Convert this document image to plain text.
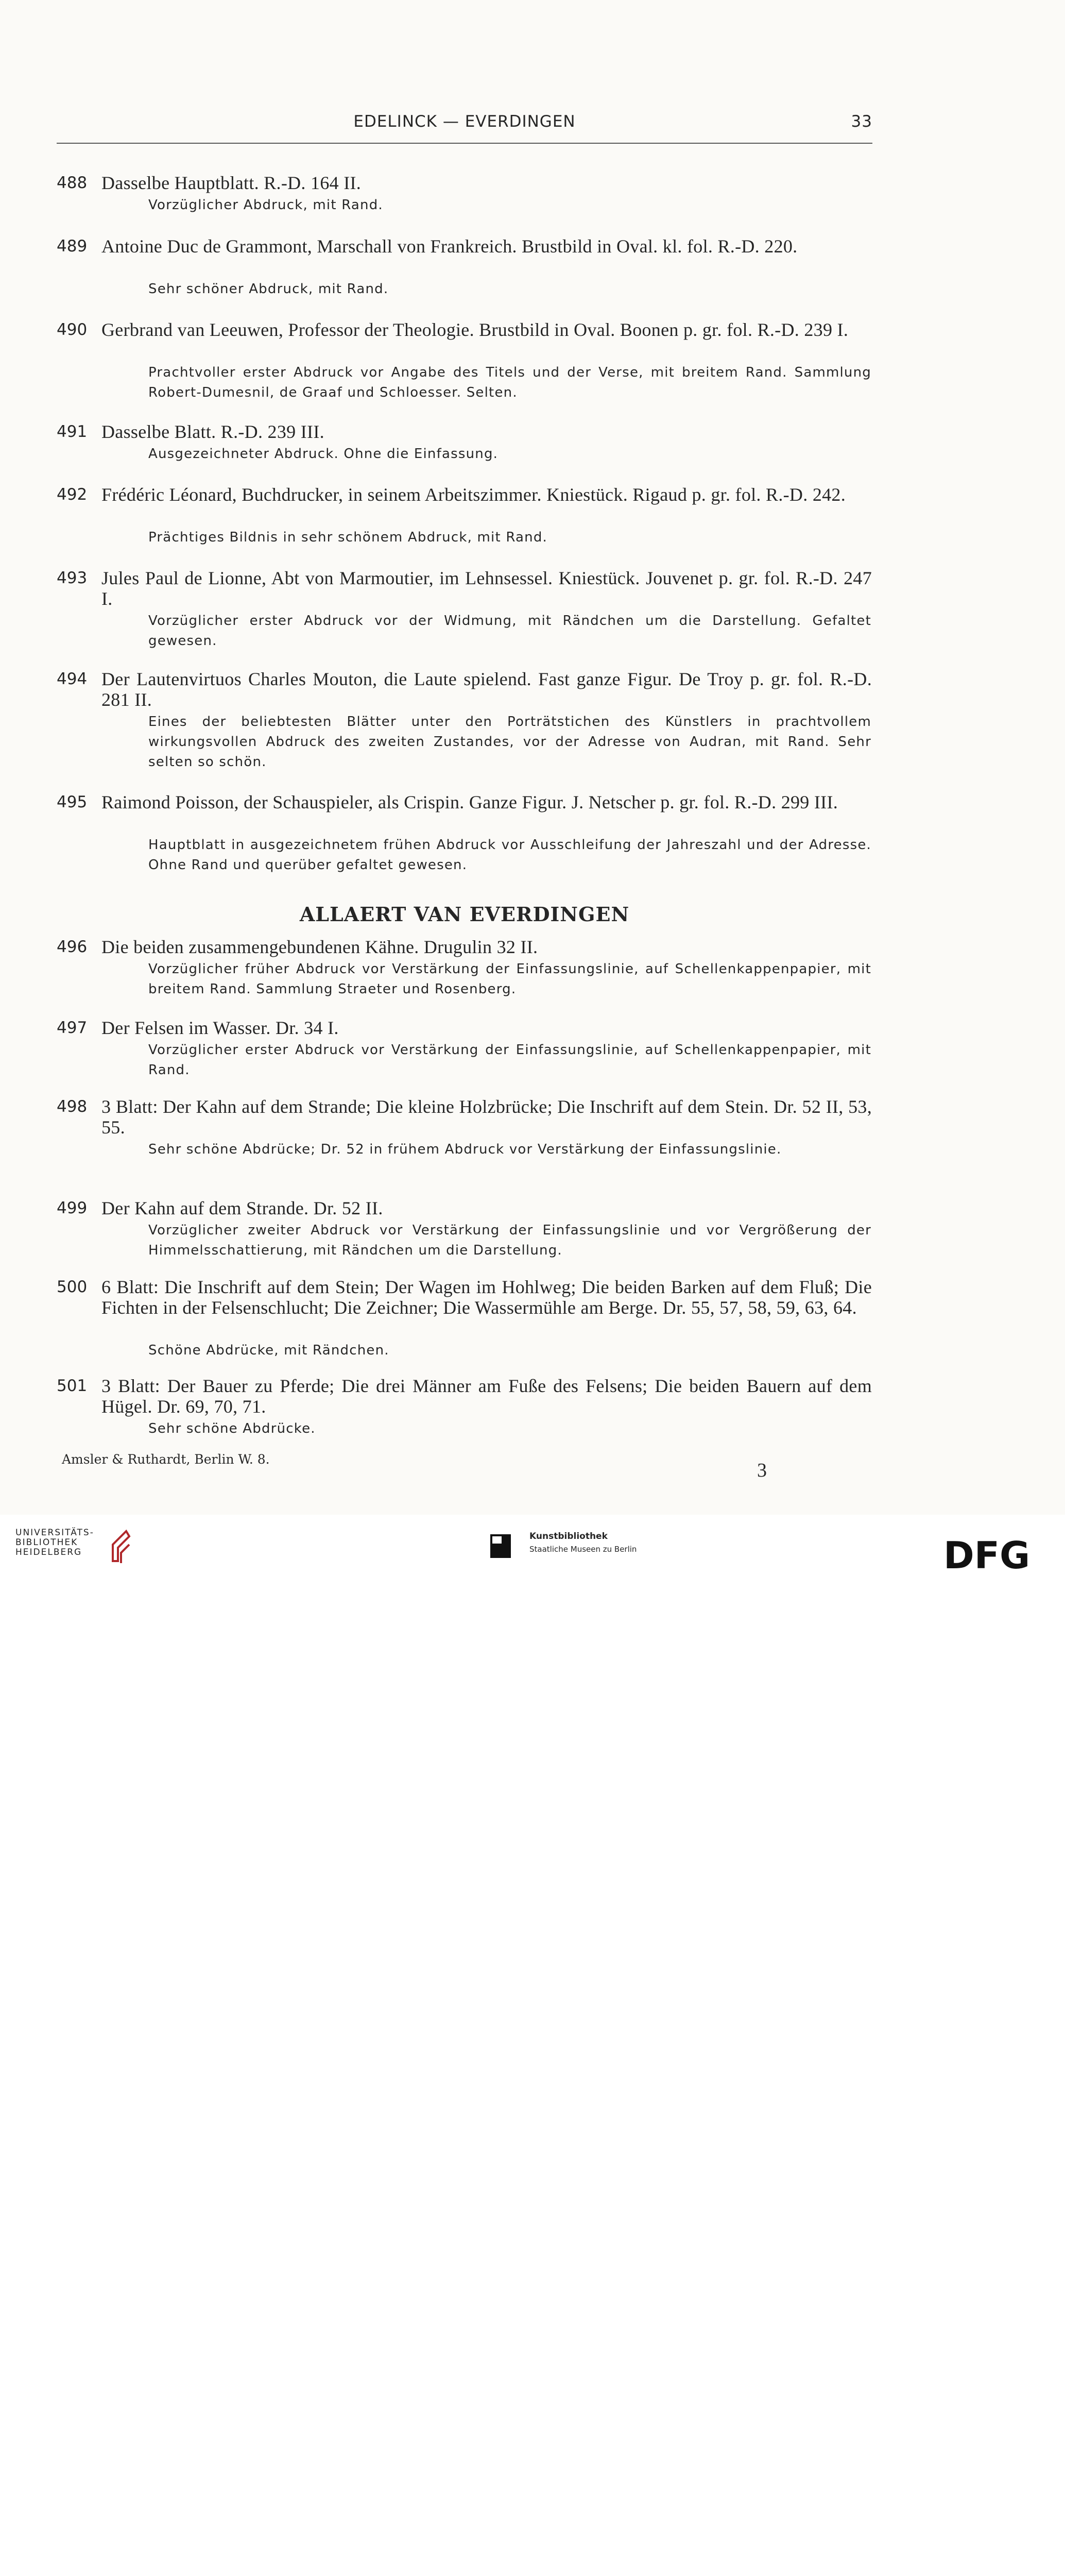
EDELINCK — EVERDINGEN	33
488 Dasselbe Hauptblatt. R.-D. 164 II.
Vorzüglicher Abdruck, mit Rand.
489 Antoine Duc de Grammont, Marschall von Frankreich. Brustbild in Oval. kl. fol. R.-D. 220.
Sehr schöner Abdruck, mit Rand.
490 Gerbrand van Leeuwen, Professor der Theologie. Brustbild in Oval. Boonen p. gr. fol. R.-D. 239 I.
Prachtvoller erster Abdruck vor Angabe des Titels und der Verse, mit breitem Rand. Sammlung Robert-Dumesnil, de Graaf und Schloesser. Selten.
491 Dasselbe Blatt. R.-D. 239 III.
Ausgezeichneter Abdruck. Ohne die Einfassung.
492 Frédéric Léonard, Buchdrucker, in seinem Arbeitszimmer. Kniestück. Rigaud p. gr. fol. R.-D. 242.
Prächtiges Bildnis in sehr schönem Abdruck, mit Rand.
493 Jules Paul de Lionne, Abt von Marmoutier, im Lehnsessel. Kniestück. Jouvenet p. gr. fol. R.-D. 247 I.
Vorzüglicher erster Abdruck vor der Widmung, mit Rändchen um die Darstellung. Gefaltet gewesen.
494 Der Lautenvirtuos Charles Mouton, die Laute spielend. Fast ganze Figur. De Troy p. gr. fol. R.-D. 281 II.
Eines der beliebtesten Blätter unter den Porträtstichen des Künstlers in prachtvollem wirkungsvollen Abdruck des zweiten Zustandes, vor der Adresse von Audran, mit Rand. Sehr selten so schön.
495 Raimond Poisson, der Schauspieler, als Crispin. Ganze Figur. J. Netscher p. gr. fol. R.-D. 299 III.
Hauptblatt in ausgezeichnetem frühen Abdruck vor Ausschleifung der Jahreszahl und der Adresse. Ohne Rand und querüber gefaltet gewesen.
ALLAERT VAN EVERDINGEN
496 Die beiden zusammengebundenen Kähne. Drugulin 32 II.
Vorzüglicher früher Abdruck vor Verstärkung der Einfassungslinie, auf Schellenkappenpapier, mit breitem Rand. Sammlung Straeter und Rosenberg.
497 Der Felsen im Wasser. Dr. 34 I.
Vorzüglicher erster Abdruck vor Verstärkung der Einfassungslinie, auf Schellenkappenpapier, mit Rand.
498 3 Blatt: Der Kahn auf dem Strande; Die kleine Holzbrücke; Die Inschrift auf dem Stein. Dr. 52 II, 53, 55.
Sehr schöne Abdrücke; Dr. 52 in frühem Abdruck vor Verstärkung der Einfassungslinie.
499 Der Kahn auf dem Strande. Dr. 52 II.
Vorzüglicher zweiter Abdruck vor Verstärkung der Einfassungslinie und vor Vergrößerung der Himmelsschattierung, mit Rändchen um die Darstellung.
500 6 Blatt: Die Inschrift auf dem Stein; Der Wagen im Hohlweg; Die beiden Barken auf dem Fluß; Die Fichten in der Felsenschlucht; Die Zeichner; Die Wassermühle am Berge. Dr. 55, 57, 58, 59, 63, 64.
Schöne Abdrücke, mit Rändchen.
501 3 Blatt: Der Bauer zu Pferde; Die drei Männer am Fuße des Felsens; Die beiden Bauern auf dem Hügel. Dr. 69, 70, 71.
Sehr schöne Abdrücke.
Amsler & Ruthardt, Berlin W. 8.
3
UNIVERSITÄTS-
BIBLIOTHEK
HEIDELBERG
Kunstbibliothek
Staatliche Museen zu Berlin	DFG
